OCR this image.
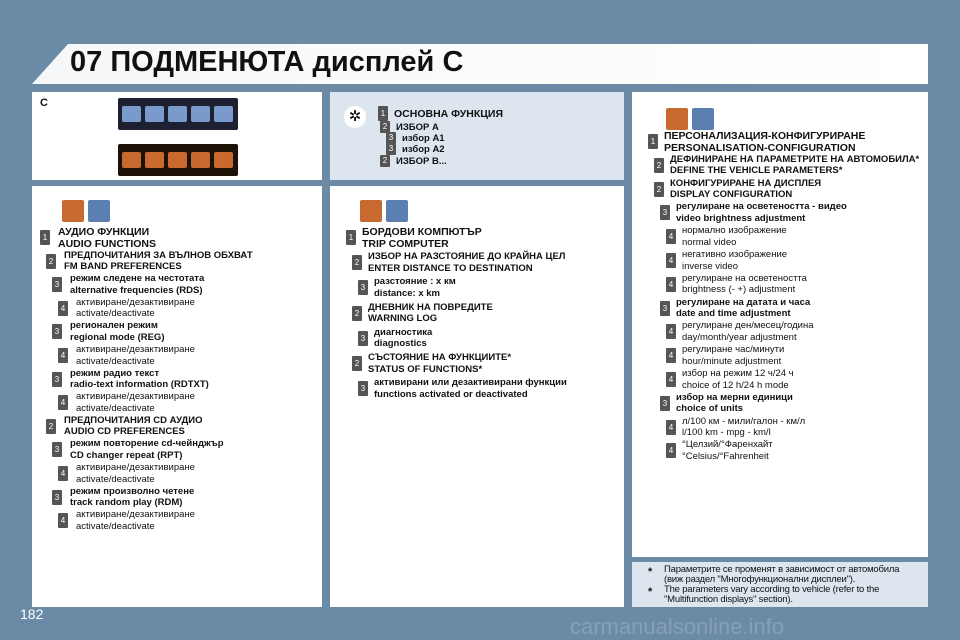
07 ПОДМЕНЮТА дисплей С
C
✲	1 ОСНОВНА ФУНКЦИЯ
2 ИЗБОР А
3 избор А1
3 избор А2
2 ИЗБОР В...
1 АУДИО ФУНКЦИИ
AUDIO FUNCTIONS
2
ПРЕДПОЧИТАНИЯ ЗА ВЪЛНОВ ОБХВАТ
FM BAND PREFERENCES
3
режим следене на честотата
alternative frequencies (RDS)
4
активиране/дезактивиране
activate/deactivate
3
регионален режим
regional mode (REG)
4
активиране/дезактивиране
activate/deactivate
3
режим радио текст
radio-text information (RDTXT)
4
активиране/дезактивиране
activate/deactivate
2
ПРЕДПОЧИТАНИЯ CD АУДИО
AUDIO CD PREFERENCES
3
режим повторение cd-чейнджър
CD changer repeat (RPT)
4
активиране/дезактивиране
activate/deactivate
3
режим произволно четене
track random play (RDM)
4
активиране/дезактивиране
activate/deactivate
1 БОРДОВИ КОМПЮТЪР
TRIP COMPUTER
2
ИЗБОР НА РАЗСТОЯНИЕ ДО КРАЙНА ЦЕЛ
ENTER DISTANCE TO DESTINATION
3
разстояние : х км
distance: x km
2
ДНЕВНИК НА ПОВРЕДИТЕ
WARNING LOG
3
диагностика
diagnostics
2
СЪСТОЯНИЕ НА ФУНКЦИИТЕ*
STATUS OF FUNCTIONS*
3
активирани или дезактивирани функции
functions activated or deactivated
1 ПЕРСОНАЛИЗАЦИЯ-КОНФИГУРИРАНЕ
PERSONALISATION-CONFIGURATION
2
ДЕФИНИРАНЕ НА ПАРАМЕТРИТЕ НА АВТОМОБИЛА*
DEFINE THE VEHICLE PARAMETERS*
2
КОНФИГУРИРАНЕ НА ДИСПЛЕЯ
DISPLAY CONFIGURATION
3
регулиране на осветеността - видео
video brightness adjustment
4
нормално изображение
normal video
4
негативно изображение
inverse video
4
регулиране на осветеността
brightness (- +) adjustment
3
регулиране на датата и часа
date and time adjustment
4
регулиране ден/месец/година
day/month/year adjustment
4
регулиране час/минути
hour/minute adjustment
4
избор на режим 12 ч/24 ч
choice of 12 h/24 h mode
3
избор на мерни единици
choice of units
4
л/100 км - мили/галон - км/л
l/100 km - mpg - km/l
4
°Целзий/°Фаренхайт
°Celsius/°Fahrenheit
*
*
Параметрите се променят в зависимост от автомобила
(виж раздел "Многофункционални дисплеи").
The parameters vary according to vehicle (refer to the
"Multifunction displays" section).
182	carmanualsonline.info
